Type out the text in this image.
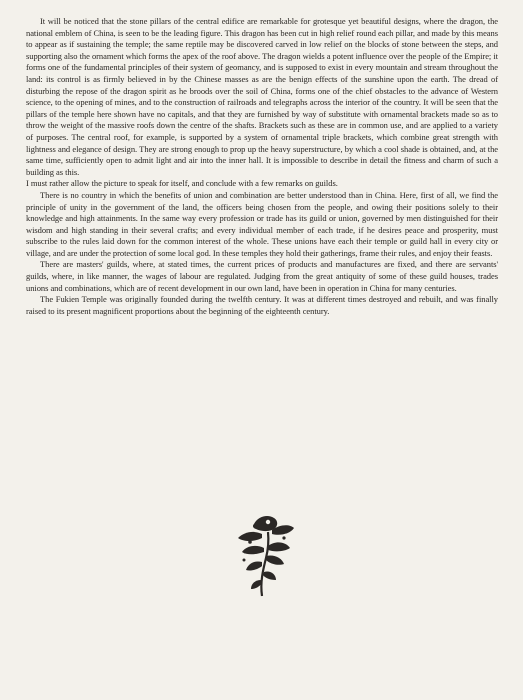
It will be noticed that the stone pillars of the central edifice are remarkable for grotesque yet beautiful designs, where the dragon, the national emblem of China, is seen to be the leading figure. This dragon has been cut in high relief round each pillar, and made by this means to appear as if sustaining the temple; the same reptile may be discovered carved in low relief on the blocks of stone between the steps, and supporting also the ornament which forms the apex of the roof above. The dragon wields a potent influence over the people of the Empire; it forms one of the fundamental principles of their system of geomancy, and is supposed to exist in every mountain and stream throughout the land: its control is as firmly believed in by the Chinese masses as are the benign effects of the sunshine upon the earth. The dread of disturbing the repose of the dragon spirit as he broods over the soil of China, forms one of the chief obstacles to the advance of Western science, to the opening of mines, and to the construction of railroads and telegraphs across the interior of the country. It will be seen that the pillars of the temple here shown have no capitals, and that they are furnished by way of substitute with ornamental brackets made so as to throw the weight of the massive roofs down the centre of the shafts. Brackets such as these are in common use, and are applied to a variety of purposes. The central roof, for example, is supported by a system of ornamental triple brackets, which combine great strength with lightness and elegance of design. They are strong enough to prop up the heavy superstructure, by which a cool shade is obtained, and, at the same time, sufficiently open to admit light and air into the inner hall. It is impossible to describe in detail the fitness and charm of such a building as this.

I must rather allow the picture to speak for itself, and conclude with a few remarks on guilds.

There is no country in which the benefits of union and combination are better understood than in China. Here, first of all, we find the principle of unity in the government of the land, the officers being chosen from the people, and owing their positions solely to their knowledge and high attainments. In the same way every profession or trade has its guild or union, governed by men distinguished for their wisdom and high standing in their several crafts; and every individual member of each trade, if he desires peace and prosperity, must subscribe to the rules laid down for the common interest of the whole. These unions have each their temple or guild hall in every city or village, and are under the protection of some local god. In these temples they hold their gatherings, frame their rules, and enjoy their feasts.

There are masters' guilds, where, at stated times, the current prices of products and manufactures are fixed, and there are servants' guilds, where, in like manner, the wages of labour are regulated. Judging from the great antiquity of some of these guild houses, trades unions and combinations, which are of recent development in our own land, have been in operation in China for many centuries.

The Fukien Temple was originally founded during the twelfth century. It was at different times destroyed and rebuilt, and was finally raised to its present magnificent proportions about the beginning of the eighteenth century.
